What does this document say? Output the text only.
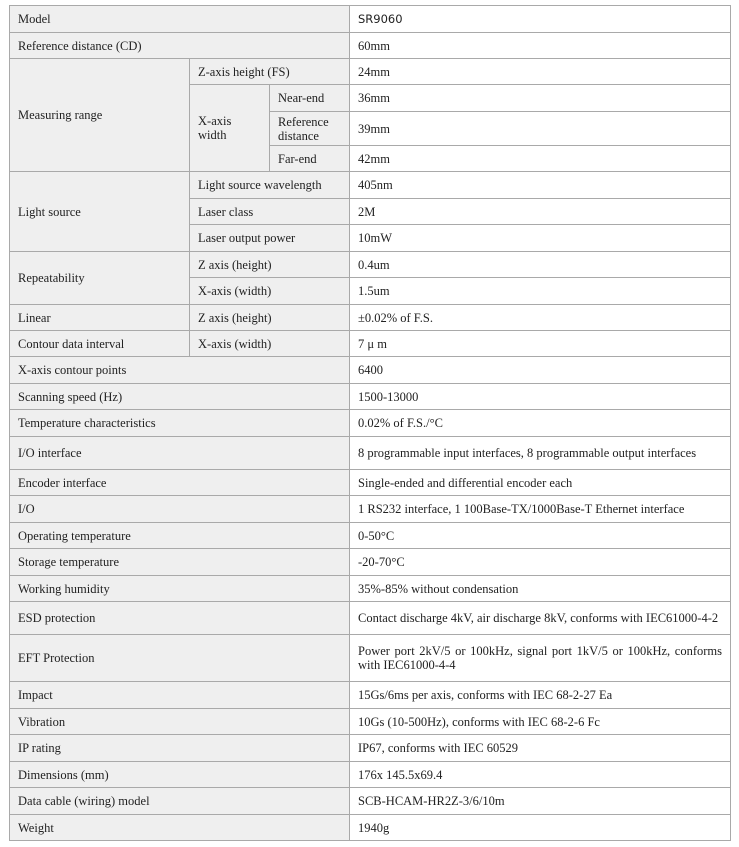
Model			SR9060
Reference distance (CD)			60mm
Measuring range	Z-axis height (FS)		24mm
	X-axis width	Near-end	36mm
		Reference distance	39mm
		Far-end	42mm
Light source	Light source wavelength		405nm
	Laser class		2M
	Laser output power		10mW
Repeatability	Z axis (height)		0.4um
	X-axis (width)		1.5um
Linear	Z axis (height)		±0.02% of F.S.
Contour data interval	X-axis (width)		7 μ m
X-axis contour points			6400
Scanning speed (Hz)			1500-13000
Temperature characteristics			0.02% of F.S./°C
I/O interface			8 programmable input interfaces, 8 programmable output interfaces
Encoder interface			Single-ended and differential encoder each
I/O			1 RS232 interface, 1 100Base-TX/1000Base-T Ethernet interface
Operating temperature			0-50°C
Storage temperature			-20-70°C
Working humidity			35%-85% without condensation
ESD protection			Contact discharge 4kV, air discharge 8kV, conforms with IEC61000-4-2
EFT Protection			Power port 2kV/5 or 100kHz, signal port 1kV/5 or 100kHz, conforms with IEC61000-4-4
Impact			15Gs/6ms per axis, conforms with IEC 68-2-27 Ea
Vibration			10Gs (10-500Hz), conforms with IEC 68-2-6 Fc
IP rating			IP67, conforms with IEC 60529
Dimensions (mm)			176x 145.5x69.4
Data cable (wiring) model			SCB-HCAM-HR2Z-3/6/10m
Weight			1940g
